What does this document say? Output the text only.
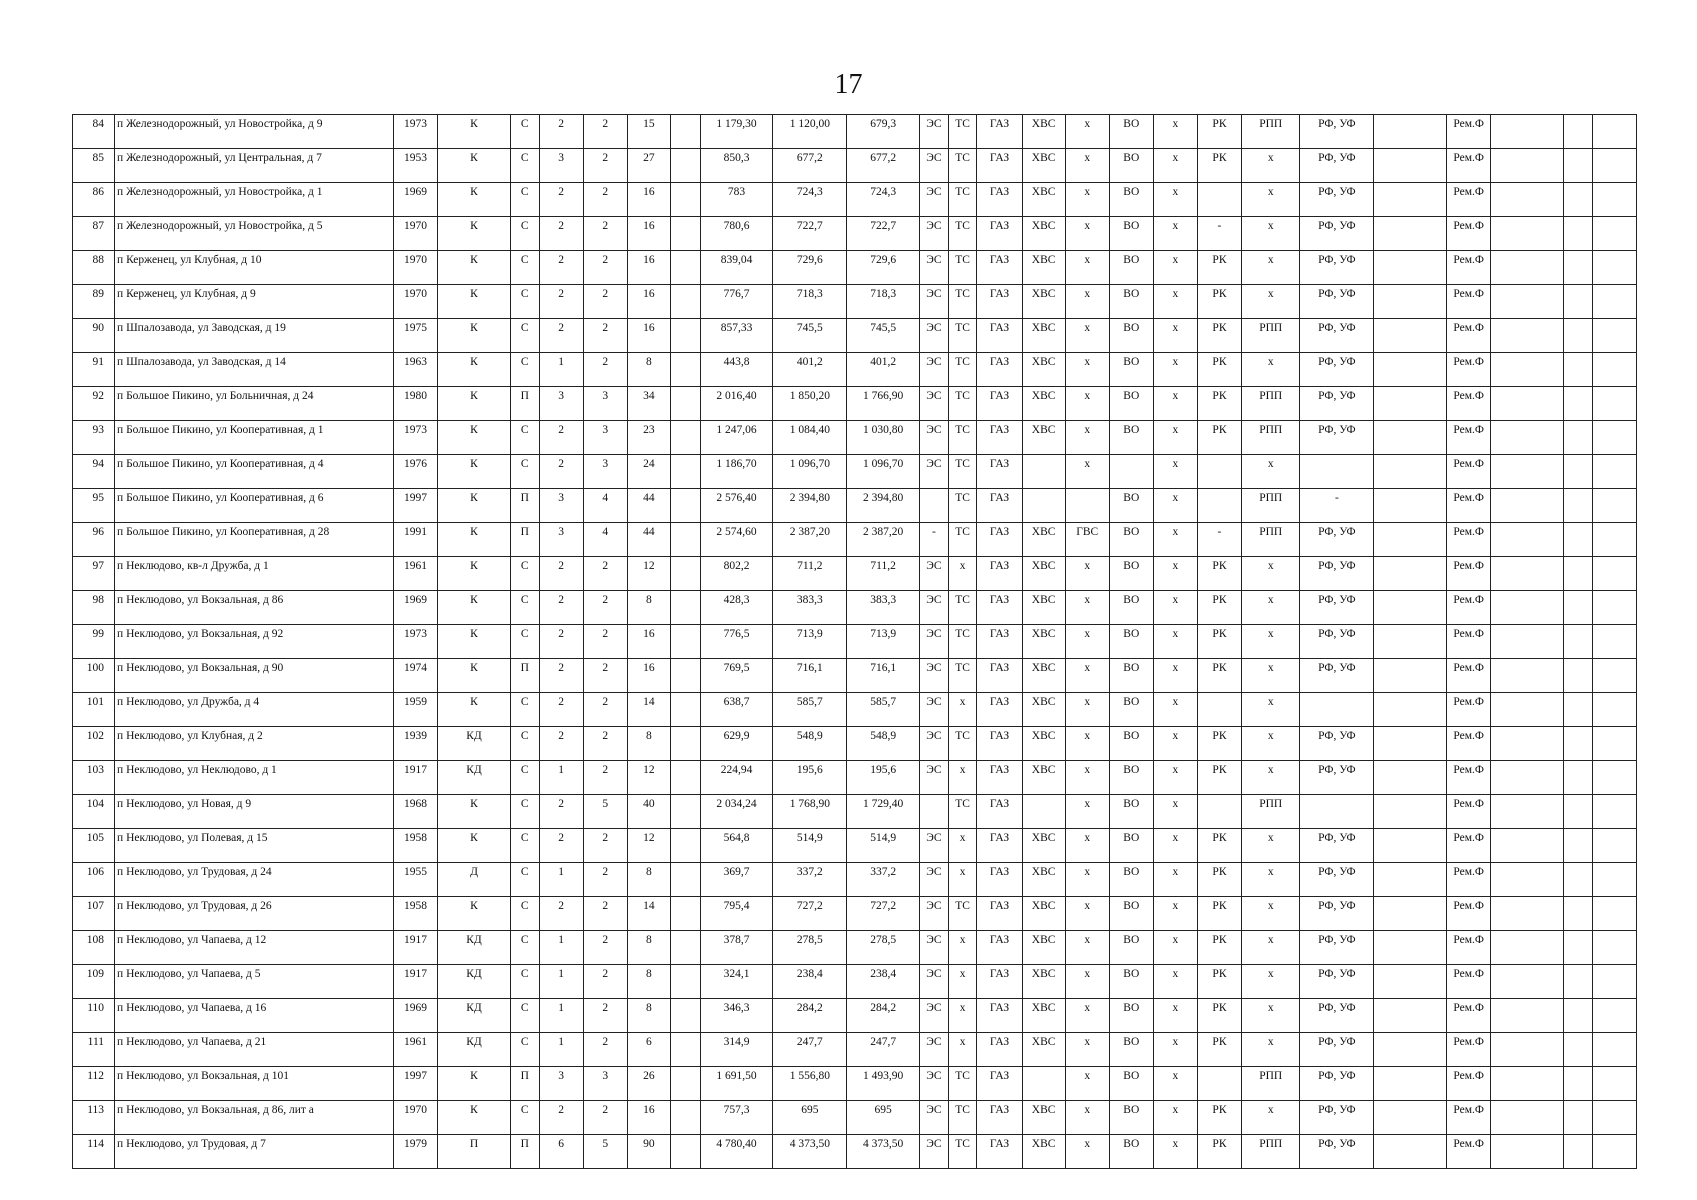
17
84	п Железнодорожный, ул Новостройка, д 9	1973	К	С	2	2	15		1 179,30	1 120,00	679,3	ЭС	ТС	ГАЗ	ХВС	х	ВО	х	РК	РПП	РФ, УФ		Рем.Ф			
85	п Железнодорожный, ул Центральная, д 7	1953	К	С	3	2	27		850,3	677,2	677,2	ЭС	ТС	ГАЗ	ХВС	х	ВО	х	РК	х	РФ, УФ		Рем.Ф			
86	п Железнодорожный, ул Новостройка, д 1	1969	К	С	2	2	16		783	724,3	724,3	ЭС	ТС	ГАЗ	ХВС	х	ВО	х		х	РФ, УФ		Рем.Ф			
87	п Железнодорожный, ул Новостройка, д 5	1970	К	С	2	2	16		780,6	722,7	722,7	ЭС	ТС	ГАЗ	ХВС	х	ВО	х	-	х	РФ, УФ		Рем.Ф			
88	п Керженец, ул Клубная, д 10	1970	К	С	2	2	16		839,04	729,6	729,6	ЭС	ТС	ГАЗ	ХВС	х	ВО	х	РК	х	РФ, УФ		Рем.Ф			
89	п Керженец, ул Клубная, д 9	1970	К	С	2	2	16		776,7	718,3	718,3	ЭС	ТС	ГАЗ	ХВС	х	ВО	х	РК	х	РФ, УФ		Рем.Ф			
90	п Шпалозавода, ул Заводская, д 19	1975	К	С	2	2	16		857,33	745,5	745,5	ЭС	ТС	ГАЗ	ХВС	х	ВО	х	РК	РПП	РФ, УФ		Рем.Ф			
91	п Шпалозавода, ул Заводская, д 14	1963	К	С	1	2	8		443,8	401,2	401,2	ЭС	ТС	ГАЗ	ХВС	х	ВО	х	РК	х	РФ, УФ		Рем.Ф			
92	п Большое Пикино, ул Больничная, д 24	1980	К	П	3	3	34		2 016,40	1 850,20	1 766,90	ЭС	ТС	ГАЗ	ХВС	х	ВО	х	РК	РПП	РФ, УФ		Рем.Ф			
93	п Большое Пикино, ул Кооперативная, д 1	1973	К	С	2	3	23		1 247,06	1 084,40	1 030,80	ЭС	ТС	ГАЗ	ХВС	х	ВО	х	РК	РПП	РФ, УФ		Рем.Ф			
94	п Большое Пикино, ул Кооперативная, д 4	1976	К	С	2	3	24		1 186,70	1 096,70	1 096,70	ЭС	ТС	ГАЗ		х		х		х			Рем.Ф			
95	п Большое Пикино, ул Кооперативная, д 6	1997	К	П	3	4	44		2 576,40	2 394,80	2 394,80		ТС	ГАЗ			ВО	х		РПП	-		Рем.Ф			
96	п Большое Пикино, ул Кооперативная, д 28	1991	К	П	3	4	44		2 574,60	2 387,20	2 387,20	-	ТС	ГАЗ	ХВС	ГВС	ВО	х	-	РПП	РФ, УФ		Рем.Ф			
97	п Неклюдово, кв-л Дружба, д 1	1961	К	С	2	2	12		802,2	711,2	711,2	ЭС	х	ГАЗ	ХВС	х	ВО	х	РК	х	РФ, УФ		Рем.Ф			
98	п Неклюдово, ул Вокзальная, д 86	1969	К	С	2	2	8		428,3	383,3	383,3	ЭС	ТС	ГАЗ	ХВС	х	ВО	х	РК	х	РФ, УФ		Рем.Ф			
99	п Неклюдово, ул Вокзальная, д 92	1973	К	С	2	2	16		776,5	713,9	713,9	ЭС	ТС	ГАЗ	ХВС	х	ВО	х	РК	х	РФ, УФ		Рем.Ф			
100	п Неклюдово, ул Вокзальная, д 90	1974	К	П	2	2	16		769,5	716,1	716,1	ЭС	ТС	ГАЗ	ХВС	х	ВО	х	РК	х	РФ, УФ		Рем.Ф			
101	п Неклюдово, ул Дружба, д 4	1959	К	С	2	2	14		638,7	585,7	585,7	ЭС	х	ГАЗ	ХВС	х	ВО	х		х			Рем.Ф			
102	п Неклюдово, ул Клубная, д 2	1939	КД	С	2	2	8		629,9	548,9	548,9	ЭС	ТС	ГАЗ	ХВС	х	ВО	х	РК	х	РФ, УФ		Рем.Ф			
103	п Неклюдово, ул Неклюдово, д 1	1917	КД	С	1	2	12		224,94	195,6	195,6	ЭС	х	ГАЗ	ХВС	х	ВО	х	РК	х	РФ, УФ		Рем.Ф			
104	п Неклюдово, ул Новая, д 9	1968	К	С	2	5	40		2 034,24	1 768,90	1 729,40		ТС	ГАЗ		х	ВО	х		РПП			Рем.Ф			
105	п Неклюдово, ул Полевая, д 15	1958	К	С	2	2	12		564,8	514,9	514,9	ЭС	х	ГАЗ	ХВС	х	ВО	х	РК	х	РФ, УФ		Рем.Ф			
106	п Неклюдово, ул Трудовая, д 24	1955	Д	С	1	2	8		369,7	337,2	337,2	ЭС	х	ГАЗ	ХВС	х	ВО	х	РК	х	РФ, УФ		Рем.Ф			
107	п Неклюдово, ул Трудовая, д 26	1958	К	С	2	2	14		795,4	727,2	727,2	ЭС	ТС	ГАЗ	ХВС	х	ВО	х	РК	х	РФ, УФ		Рем.Ф			
108	п Неклюдово, ул Чапаева, д 12	1917	КД	С	1	2	8		378,7	278,5	278,5	ЭС	х	ГАЗ	ХВС	х	ВО	х	РК	х	РФ, УФ		Рем.Ф			
109	п Неклюдово, ул Чапаева, д 5	1917	КД	С	1	2	8		324,1	238,4	238,4	ЭС	х	ГАЗ	ХВС	х	ВО	х	РК	х	РФ, УФ		Рем.Ф			
110	п Неклюдово, ул Чапаева, д 16	1969	КД	С	1	2	8		346,3	284,2	284,2	ЭС	х	ГАЗ	ХВС	х	ВО	х	РК	х	РФ, УФ		Рем.Ф			
111	п Неклюдово, ул Чапаева, д 21	1961	КД	С	1	2	6		314,9	247,7	247,7	ЭС	х	ГАЗ	ХВС	х	ВО	х	РК	х	РФ, УФ		Рем.Ф			
112	п Неклюдово, ул Вокзальная, д 101	1997	К	П	3	3	26		1 691,50	1 556,80	1 493,90	ЭС	ТС	ГАЗ		х	ВО	х		РПП	РФ, УФ		Рем.Ф			
113	п Неклюдово, ул Вокзальная, д 86, лит а	1970	К	С	2	2	16		757,3	695	695	ЭС	ТС	ГАЗ	ХВС	х	ВО	х	РК	х	РФ, УФ		Рем.Ф			
114	п Неклюдово, ул Трудовая, д 7	1979	П	П	6	5	90		4 780,40	4 373,50	4 373,50	ЭС	ТС	ГАЗ	ХВС	х	ВО	х	РК	РПП	РФ, УФ		Рем.Ф			
